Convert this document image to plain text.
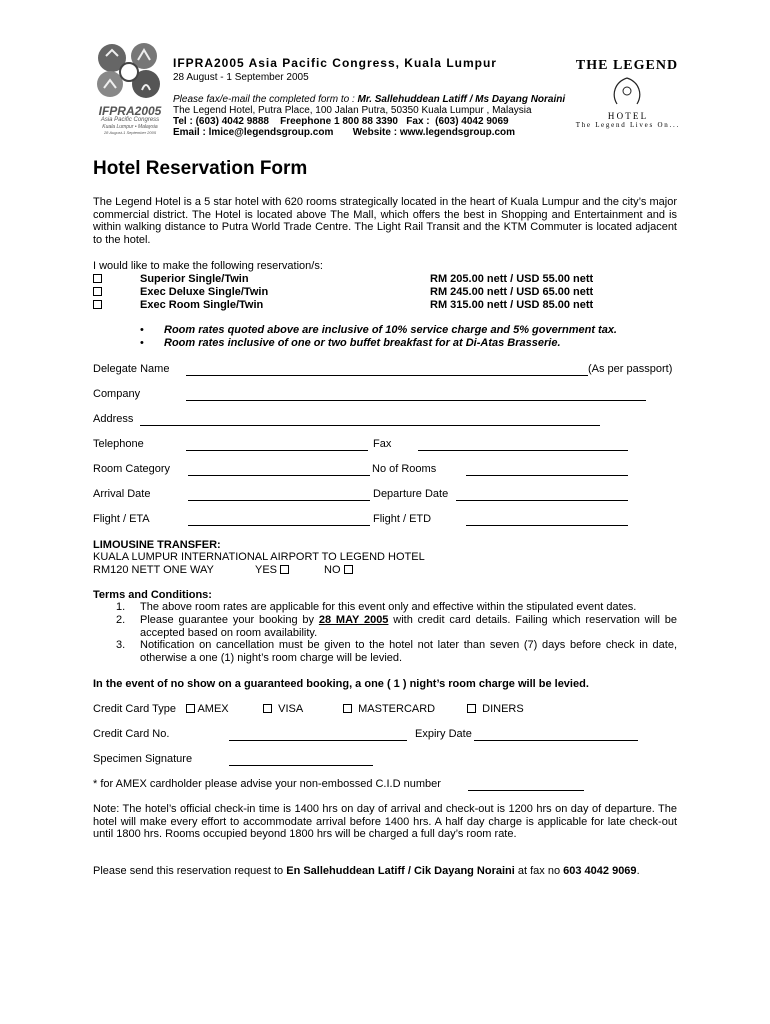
IFPRA2005
Asia Pacific Congress
Kuala Lumpur • Malaysia
28 August-1 September 2005
IFPRA2005 Asia Pacific Congress, Kuala Lumpur
28 August - 1 September 2005
Please fax/e-mail the completed form to : Mr. Sallehuddean Latiff / Ms Dayang Noraini
The Legend Hotel, Putra Place, 100 Jalan Putra, 50350 Kuala Lumpur , Malaysia
Tel : (603) 4042 9888    Freephone 1 800 88 3390   Fax :  (603) 4042 9069
Email : lmice@legendsgroup.com       Website : www.legendsgroup.com
THE LEGEND
H O T E L
T h e   L e g e n d   L i v e s   O n . . .
Hotel Reservation Form

The Legend Hotel is a 5 star hotel with 620 rooms strategically located in the heart of Kuala Lumpur and the city’s major commercial district. The Hotel is located above The Mall, which offers the best in Shopping and Entertainment and is within walking distance to Putra World Trade Centre. The Light Rail Transit and the KTM Commuter is located adjacent to the hotel.

I would like to make the following reservation/s:
Superior Single/Twin	RM 205.00 nett / USD 55.00 nett
Exec Deluxe Single/Twin	RM 245.00 nett / USD 65.00 nett
Exec Room Single/Twin	RM 315.00 nett / USD 85.00 nett
• Room rates quoted above are inclusive of 10% service charge and 5% government tax.
• Room rates inclusive of one or two buffet breakfast for at Di-Atas Brasserie.
Delegate Name	(As per passport)
Company
Address
Telephone	Fax
Room Category	No of Rooms
Arrival Date	Departure Date
Flight / ETA	Flight / ETD
LIMOUSINE TRANSFER:
KUALA LUMPUR INTERNATIONAL AIRPORT TO LEGEND HOTEL
RM120 NETT ONE WAY	YES	NO
Terms and Conditions:
1. The above room rates are applicable for this event only and effective within the stipulated event dates.

2. Please guarantee your booking by 28 MAY 2005 with credit card details. Failing which reservation will be accepted based on room availability.

3. Notification on cancellation must be given to the hotel not later than seven (7) days before check in date, otherwise a one (1) night’s room charge will be levied.

In the event of no show on a guaranteed booking, a one ( 1 ) night’s room charge will be levied.
Credit Card Type	AMEX	VISA	MASTERCARD	DINERS
Credit Card No.	Expiry Date
Specimen Signature
* for AMEX cardholder please advise your non-embossed C.I.D number

Note: The hotel’s official check-in time is 1400 hrs on day of arrival and check-out is 1200 hrs on day of departure. The hotel will make every effort to accommodate arrival before 1400 hrs. A half day charge is applicable for late check-out until 1800 hrs. Rooms occupied beyond 1800 hrs will be charged a full day’s room rate.

Please send this reservation request to En Sallehuddean Latiff / Cik Dayang Noraini at fax no 603 4042 9069.
